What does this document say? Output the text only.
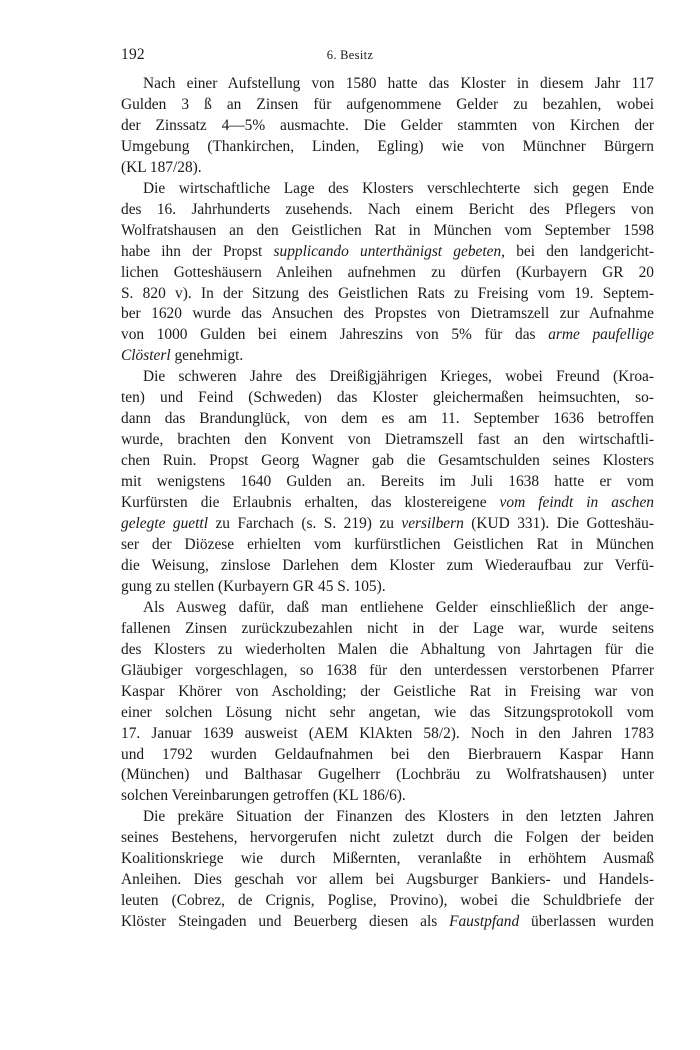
192	6. Besitz
Nach einer Aufstellung von 1580 hatte das Kloster in diesem Jahr 117
Gulden 3 ß an Zinsen für aufgenommene Gelder zu bezahlen, wobei
der Zinssatz 4—5% ausmachte. Die Gelder stammten von Kirchen der
Umgebung (Thankirchen, Linden, Egling) wie von Münchner Bürgern
(KL 187/28).
Die wirtschaftliche Lage des Klosters verschlechterte sich gegen Ende
des 16. Jahrhunderts zusehends. Nach einem Bericht des Pflegers von
Wolfratshausen an den Geistlichen Rat in München vom September 1598
habe ihn der Propst supplicando unterthänigst gebeten, bei den landgericht-
lichen Gotteshäusern Anleihen aufnehmen zu dürfen (Kurbayern GR 20
S. 820 v). In der Sitzung des Geistlichen Rats zu Freising vom 19. Septem-
ber 1620 wurde das Ansuchen des Propstes von Dietramszell zur Aufnahme
von 1000 Gulden bei einem Jahreszins von 5% für das arme paufellige
Clösterl genehmigt.
Die schweren Jahre des Dreißigjährigen Krieges, wobei Freund (Kroa-
ten) und Feind (Schweden) das Kloster gleichermaßen heimsuchten, so-
dann das Brandunglück, von dem es am 11. September 1636 betroffen
wurde, brachten den Konvent von Dietramszell fast an den wirtschaftli-
chen Ruin. Propst Georg Wagner gab die Gesamtschulden seines Klosters
mit wenigstens 1640 Gulden an. Bereits im Juli 1638 hatte er vom
Kurfürsten die Erlaubnis erhalten, das klostereigene vom feindt in aschen
gelegte guettl zu Farchach (s. S. 219) zu versilbern (KUD 331). Die Gotteshäu-
ser der Diözese erhielten vom kurfürstlichen Geistlichen Rat in München
die Weisung, zinslose Darlehen dem Kloster zum Wiederaufbau zur Verfü-
gung zu stellen (Kurbayern GR 45 S. 105).
Als Ausweg dafür, daß man entliehene Gelder einschließlich der ange-
fallenen Zinsen zurückzubezahlen nicht in der Lage war, wurde seitens
des Klosters zu wiederholten Malen die Abhaltung von Jahrtagen für die
Gläubiger vorgeschlagen, so 1638 für den unterdessen verstorbenen Pfarrer
Kaspar Khörer von Ascholding; der Geistliche Rat in Freising war von
einer solchen Lösung nicht sehr angetan, wie das Sitzungsprotokoll vom
17. Januar 1639 ausweist (AEM KlAkten 58/2). Noch in den Jahren 1783
und 1792 wurden Geldaufnahmen bei den Bierbrauern Kaspar Hann
(München) und Balthasar Gugelherr (Lochbräu zu Wolfratshausen) unter
solchen Vereinbarungen getroffen (KL 186/6).
Die prekäre Situation der Finanzen des Klosters in den letzten Jahren
seines Bestehens, hervorgerufen nicht zuletzt durch die Folgen der beiden
Koalitionskriege wie durch Mißernten, veranlaßte in erhöhtem Ausmaß
Anleihen. Dies geschah vor allem bei Augsburger Bankiers- und Handels-
leuten (Cobrez, de Crignis, Poglise, Provino), wobei die Schuldbriefe der
Klöster Steingaden und Beuerberg diesen als Faustpfand überlassen wurden
